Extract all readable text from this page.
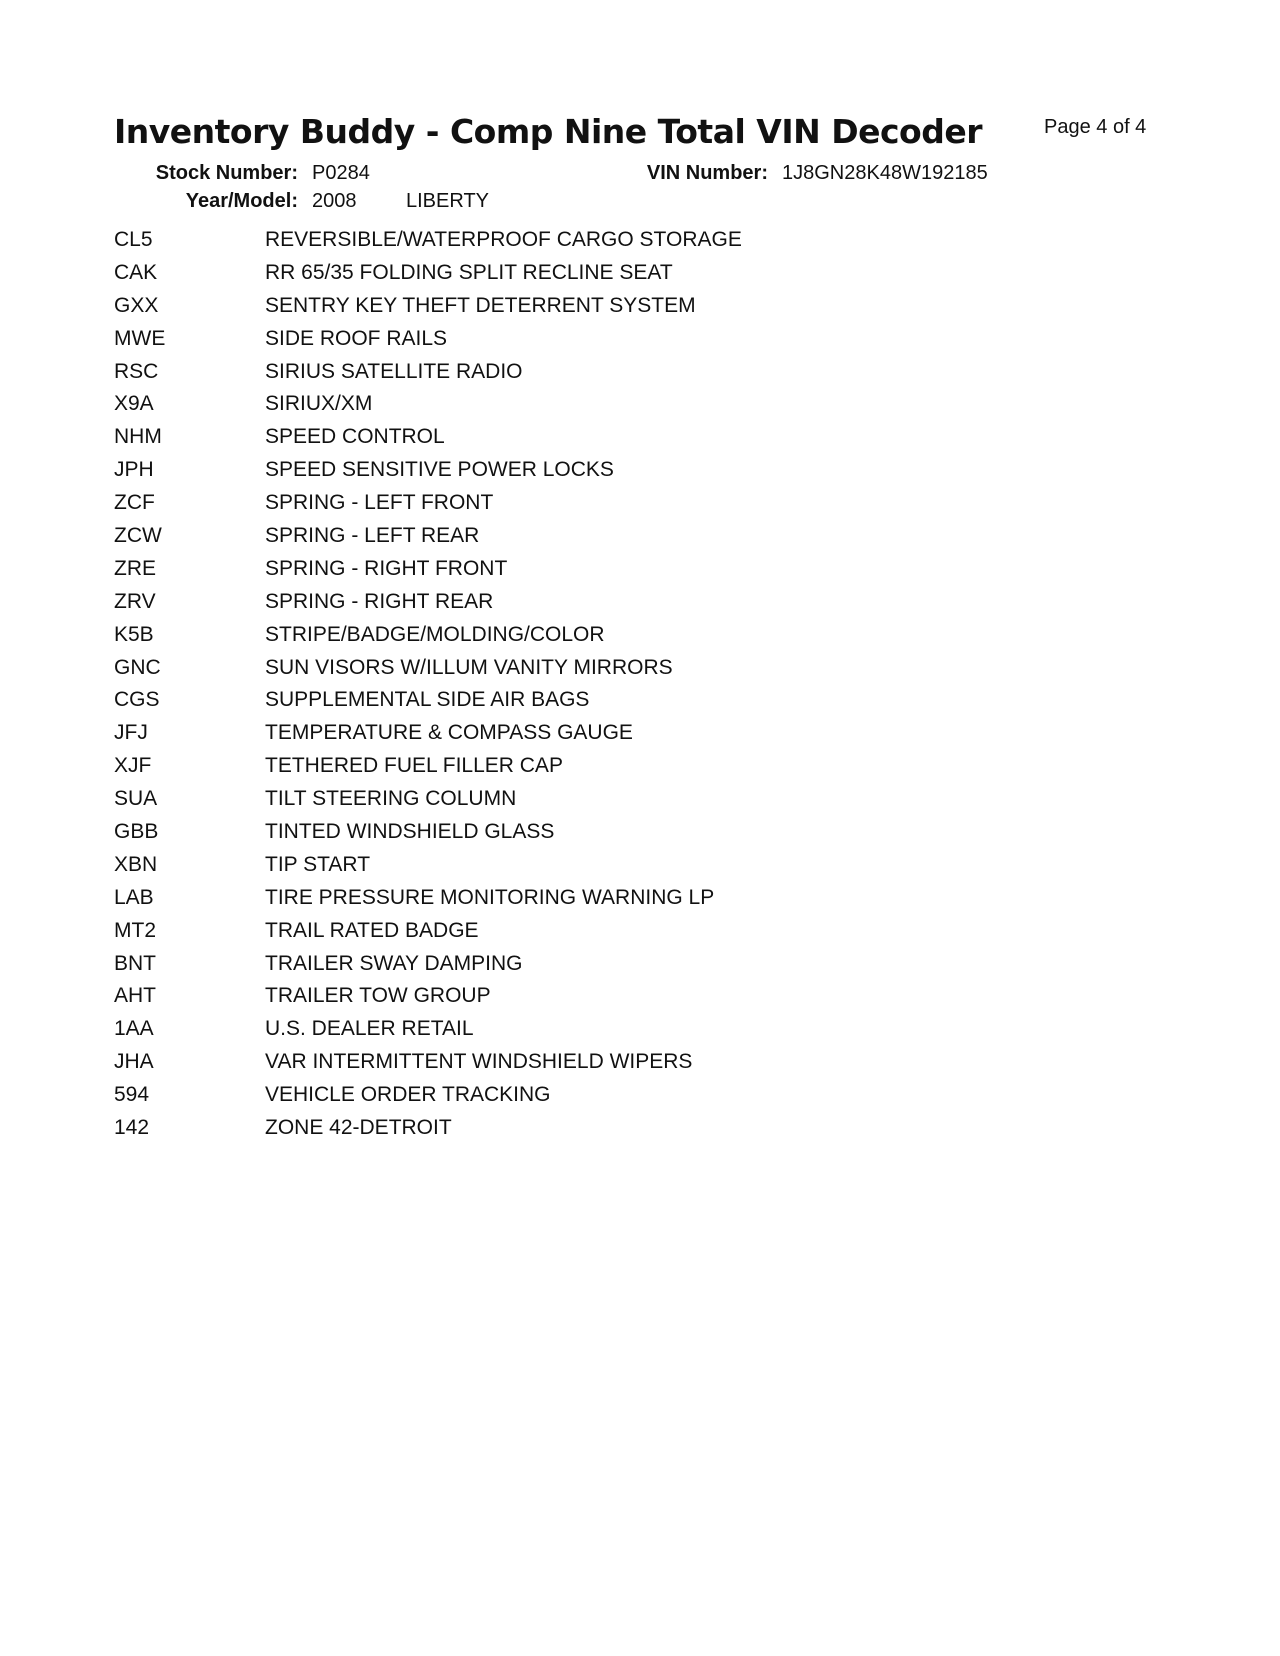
Inventory Buddy - Comp Nine Total VIN Decoder	Page 4 of 4
Stock Number: P0284	VIN Number: 1J8GN28K48W192185
Year/Model: 2008 LIBERTY
CL5	REVERSIBLE/WATERPROOF CARGO STORAGE
CAK	RR 65/35 FOLDING SPLIT RECLINE SEAT
GXX	SENTRY KEY THEFT DETERRENT SYSTEM
MWE	SIDE ROOF RAILS
RSC	SIRIUS SATELLITE RADIO
X9A	SIRIUX/XM
NHM	SPEED CONTROL
JPH	SPEED SENSITIVE POWER LOCKS
ZCF	SPRING - LEFT FRONT
ZCW	SPRING - LEFT REAR
ZRE	SPRING - RIGHT FRONT
ZRV	SPRING - RIGHT REAR
K5B	STRIPE/BADGE/MOLDING/COLOR
GNC	SUN VISORS W/ILLUM VANITY MIRRORS
CGS	SUPPLEMENTAL SIDE AIR BAGS
JFJ	TEMPERATURE & COMPASS GAUGE
XJF	TETHERED FUEL FILLER CAP
SUA	TILT STEERING COLUMN
GBB	TINTED WINDSHIELD GLASS
XBN	TIP START
LAB	TIRE PRESSURE MONITORING WARNING LP
MT2	TRAIL RATED BADGE
BNT	TRAILER SWAY DAMPING
AHT	TRAILER TOW GROUP
1AA	U.S. DEALER RETAIL
JHA	VAR INTERMITTENT WINDSHIELD WIPERS
594	VEHICLE ORDER TRACKING
142	ZONE 42-DETROIT
